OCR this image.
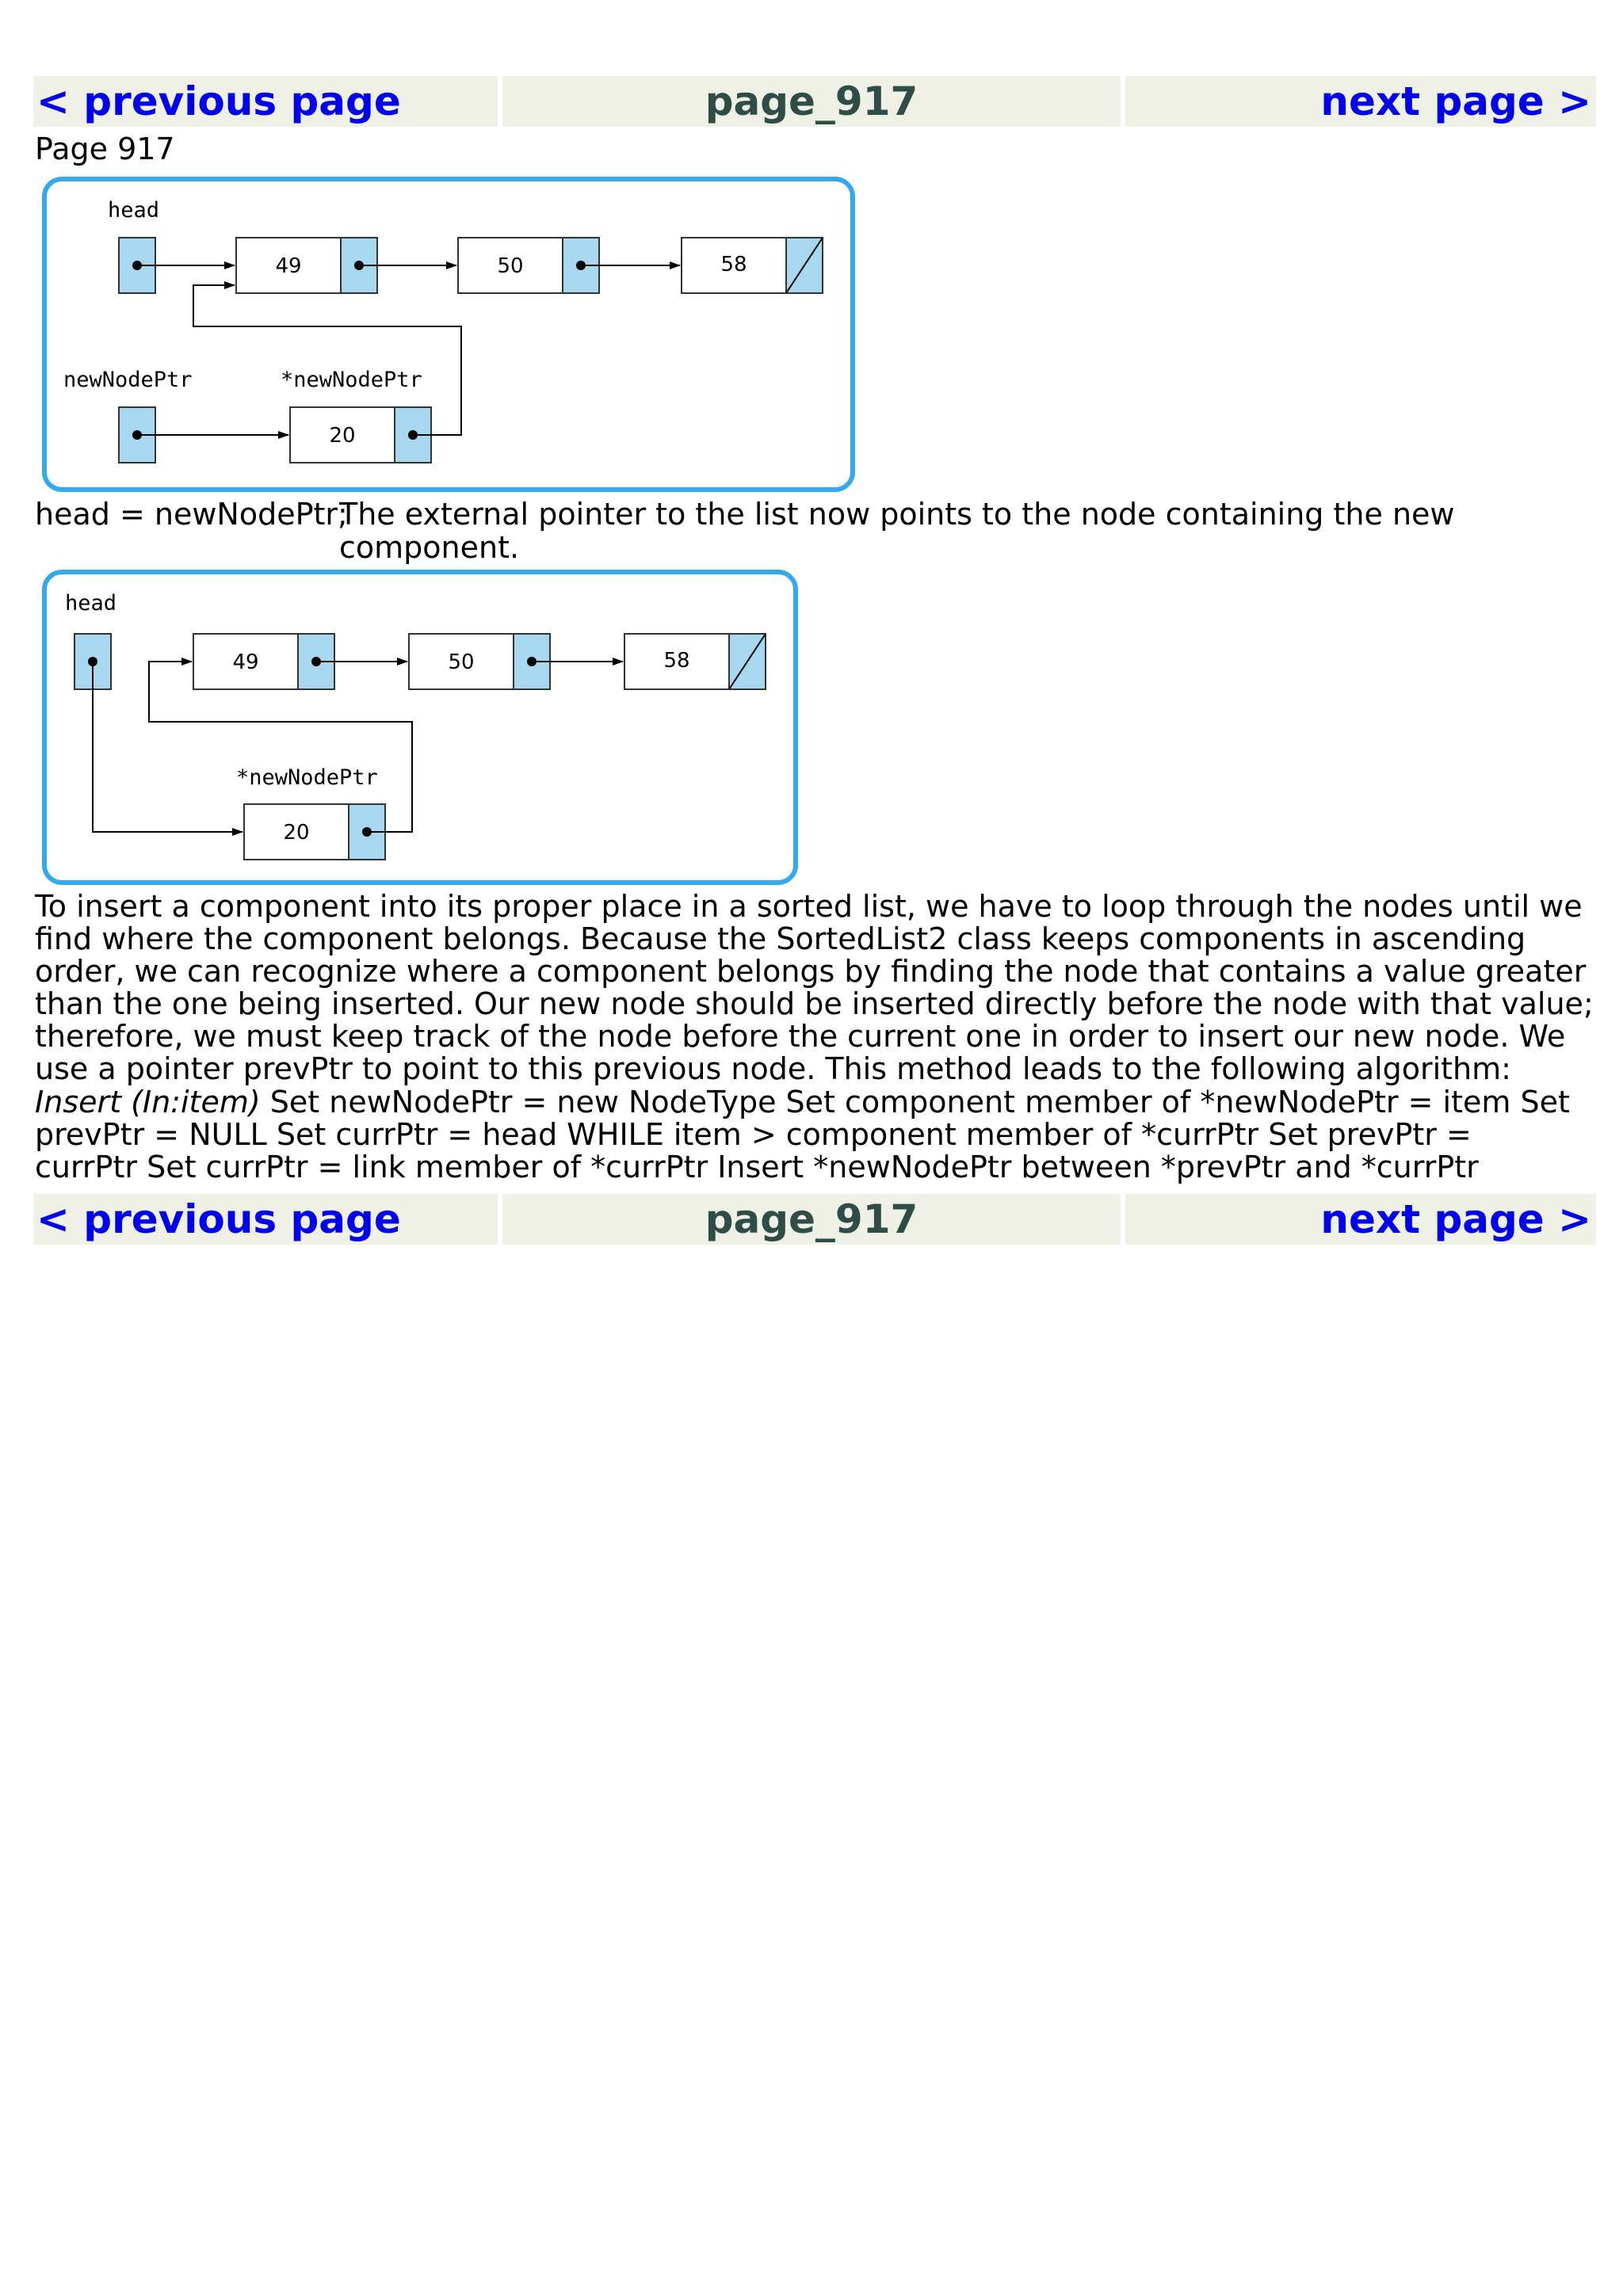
< previous page	page_917	next page >
Page 917
head
newNodePtr	*newNodePtr
49	50	58
20
head = newNodePtr;
The external pointer to the list now points to the node containing the new component.
head
*newNodePtr
49	50	58
20
To insert a component into its proper place in a sorted list, we have to loop through the nodes until we find where the component belongs. Because the SortedList2 class keeps components in ascending order, we can recognize where a component belongs by finding the node that contains a value greater than the one being inserted. Our new node should be inserted directly before the node with that value; therefore, we must keep track of the node before the current one in order to insert our new node. We use a pointer prevPtr to point to this previous node. This method leads to the following algorithm:
Insert (In:item) Set newNodePtr = new NodeType Set component member of *newNodePtr = item Set prevPtr = NULL Set currPtr = head WHILE item > component member of *currPtr Set prevPtr = currPtr Set currPtr = link member of *currPtr Insert *newNodePtr between *prevPtr and *currPtr
< previous page	page_917	next page >
